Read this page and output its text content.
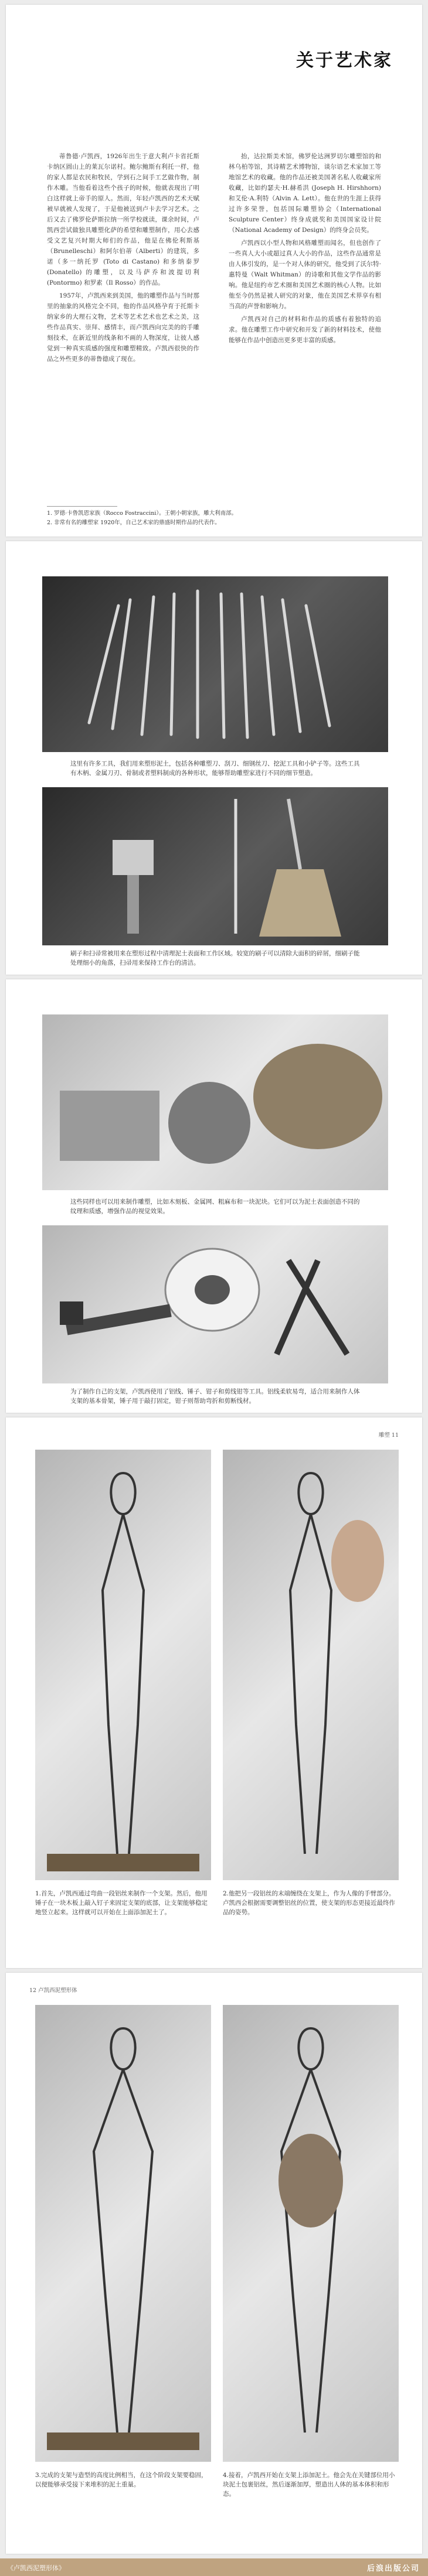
关于艺术家

蒂鲁德·卢凯西，1926年出生于意大利卢卡省托斯卡纳区圆山上的莱瓦尔诺村。鲍尔鲍斯有利托一样，他的家人都是农民和牧民，学到石之间手工艺做作物，制作木雕。当他看着这些个孩子的时候，他就表现出了明白这样就上帝手的原人。然而，年轻卢凯西的艺术天赋被早就被人发现了，于是他被送到卢卡去学习艺术。之后又去了佛罗伦萨斯拉纳一所学校就读，课余时间，卢凯西尝试做独具雕塑化萨的希望和雕塑制作，用心去感受文艺复兴时期大师们的作品，他是在佛伦利斯基（Brunelleschi）和阿尔伯蒂（Alberti）的建筑，多诺（多一纳托罗 (Toto di Castano) 和多纳泰罗 (Donatello) 的雕塑，以及马萨乔和波提切利 (Pontormo) 和罗素（Il Rosso）的作品。

1957年，卢凯西来到美国，他的雕塑作品与当时那里的抽象的风格完全不同，他的作品风格孕育于托斯卡纳家乡的大理石文物，艺术等艺术艺术也艺术之美，这些作品真实、崇拜、感情丰，而卢凯西向完美的的手雕刻技术，在新近里的线条和不画的人物深度，让彼人感觉到一种真实质感的强度和雕塑精致。卢凯西很快的作品之外些更多的蒂鲁德成了现在。

抬，达拉斯美术馆，佛罗伦达洲罗切尔雕塑馆的和林乌柏等馆，其诗精艺术博物馆，谈尔语艺术家加工等地馆艺术的收藏。他的作品还被美国著名私人收藏家所收藏，比如约瑟夫·H.赫希洪 (Joseph H. Hirshhorn) 和艾伦·A.利特（Alvin A. Lett）。他在世的生涯上获得过许多荣誉，包括国际雕塑协会（International Sculpture Center）终身成就奖和美国国家设计院（National Academy of Design）的终身会员奖。

卢凯西以小型人物和风格雕塑而闻名，但也创作了一些真人大小或超过真人大小的作品，这些作品通常是由人体引发的，是一个对人体的研究，他受到了沃尔特·惠特曼（Walt Whitman）的诗歌和其他文学作品的影响。他是纽约市艺术圈和美国艺术圈的核心人物。比如他至今仍然是被人研究的对象，他在美国艺术界享有相当高的声誉和影响力。

卢凯西对自己的材料和作品的质感有着独特的追求。他在雕塑工作中研究和开发了新的材料技术，使他能够在作品中创造出更多更丰富的质感。

1. 罗德·卡鲁凯恩家族（Rocco Fostraccini）。王朝小朝家族，雕大利南部。
2. 非常有名的雕塑家 1920年，自己艺术家的鼎盛时期作品的代表作。
这里有许多工具，我们用来塑形泥土，包括各种雕塑刀、刮刀、细钢丝刀、挖泥工具和小铲子等。这些工具有木柄、金属刀刃、骨制或者塑料制成的各种形状，能够帮助雕塑家进行不同的细节塑造。
刷子和扫帚常被用来在塑形过程中清理泥土表面和工作区域。较宽的刷子可以清除大面积的碎屑，细刷子能处理细小的角落，扫帚用来保持工作台的清洁。
这些同样也可以用来制作雕塑，比如木刻板、金属网、粗麻布和一块泥块。它们可以为泥土表面创造不同的纹理和质感，增强作品的视觉效果。
为了制作自己的支架，卢凯西使用了铝线、锤子、钳子和剪线钳等工具。铝线柔软易弯，适合用来制作人体支架的基本骨架，锤子用于敲打固定，钳子则帮助弯折和剪断线材。
雕塑 11
1.首先，卢凯西通过弯曲一段铝丝来制作一个支架。然后，他用锤子在一块木板上敲入钉子来固定支架的底部，让支架能够稳定地竖立起来。这样就可以开始在上面添加泥土了。
2.他把另一段铝丝的末端缠绕在支架上，作为人像的手臂部分。卢凯西会根据需要调整铝丝的位置，使支架的形态更接近最终作品的姿势。
12 卢凯西泥塑形体
3.完成的支架与造型的高度比例相当，在这个阶段支架要稳固，以便能够承受接下来堆积的泥土重量。
4.接着，卢凯西开始在支架上添加泥土。他会先在关键部位用小块泥土包裹铝丝，然后逐渐加厚，塑造出人体的基本体积和形态。
《卢凯西泥塑形体》	后浪出版公司
